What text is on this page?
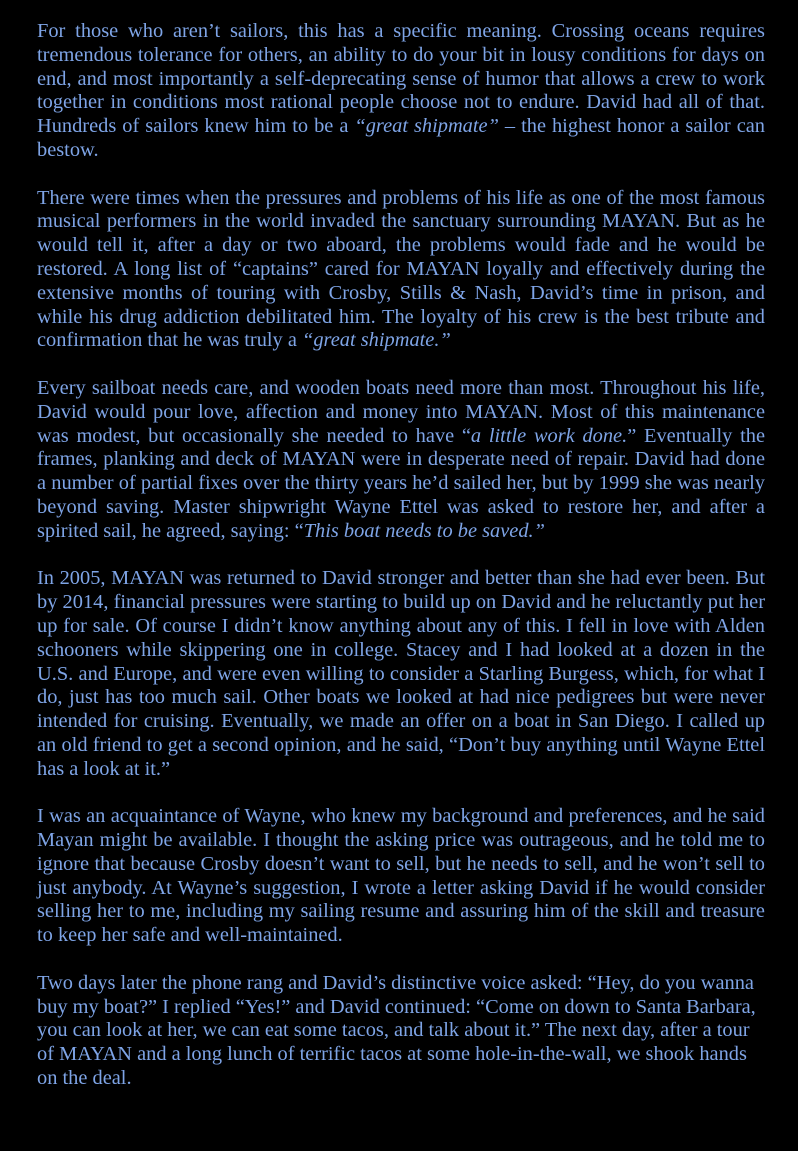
For those who aren’t sailors, this has a specific meaning. Crossing oceans requires tremendous tolerance for others, an ability to do your bit in lousy conditions for days on end, and most importantly a self-deprecating sense of humor that allows a crew to work together in conditions most rational people choose not to endure. David had all of that. Hundreds of sailors knew him to be a “great shipmate” – the highest honor a sailor can bestow.

There were times when the pressures and problems of his life as one of the most famous musical performers in the world invaded the sanctuary surrounding MAYAN. But as he would tell it, after a day or two aboard, the problems would fade and he would be restored. A long list of “captains” cared for MAYAN loyally and effectively during the extensive months of touring with Crosby, Stills & Nash, David’s time in prison, and while his drug addiction debilitated him. The loyalty of his crew is the best tribute and confirmation that he was truly a “great shipmate.”

Every sailboat needs care, and wooden boats need more than most. Throughout his life, David would pour love, affection and money into MAYAN. Most of this maintenance was modest, but occasionally she needed to have “a little work done.” Eventually the frames, planking and deck of MAYAN were in desperate need of repair. David had done a number of partial fixes over the thirty years he’d sailed her, but by 1999 she was nearly beyond saving. Master shipwright Wayne Ettel was asked to restore her, and after a spirited sail, he agreed, saying: “This boat needs to be saved.”

In 2005, MAYAN was returned to David stronger and better than she had ever been. But by 2014, financial pressures were starting to build up on David and he reluctantly put her up for sale. Of course I didn’t know anything about any of this. I fell in love with Alden schooners while skippering one in college. Stacey and I had looked at a dozen in the U.S. and Europe, and were even willing to consider a Starling Burgess, which, for what I do, just has too much sail. Other boats we looked at had nice pedigrees but were never intended for cruising. Eventually, we made an offer on a boat in San Diego. I called up an old friend to get a second opinion, and he said, “Don’t buy anything until Wayne Ettel has a look at it.”

I was an acquaintance of Wayne, who knew my background and preferences, and he said Mayan might be available. I thought the asking price was outrageous, and he told me to ignore that because Crosby doesn’t want to sell, but he needs to sell, and he won’t sell to just anybody. At Wayne’s suggestion, I wrote a letter asking David if he would consider selling her to me, including my sailing resume and assuring him of the skill and treasure to keep her safe and well-maintained.

Two days later the phone rang and David’s distinctive voice asked: “Hey, do you wanna buy my boat?” I replied “Yes!” and David continued: “Come on down to Santa Barbara, you can look at her, we can eat some tacos, and talk about it.” The next day, after a tour of MAYAN and a long lunch of terrific tacos at some hole-in-the-wall, we shook hands on the deal.
